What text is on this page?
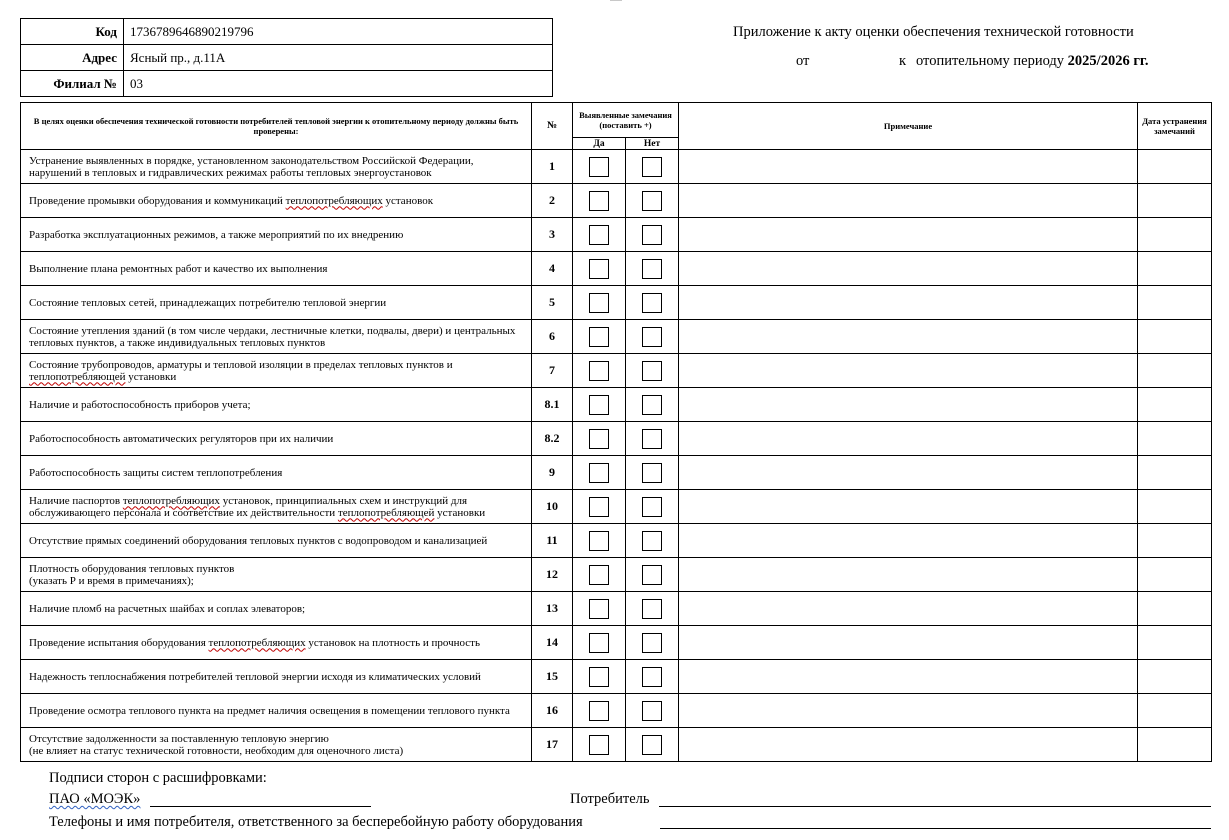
Код	1736789646890219796
Адрес	Ясный пр., д.11А
Филиал №	03
Приложение к акту оценки обеспечения технической готовности
от	к отопительному периоду 2025/2026 гг.
В целях оценки обеспечения технической готовности потребителей тепловой энергии к отопительному периоду должны быть проверены:	№	Выявленные замечания (поставить +)		Примечание	Дата устранения замечаний
		Да	Нет		
Устранение выявленных в порядке, установленном законодательством Российской Федерации, нарушений в тепловых и гидравлических режимах работы тепловых энергоустановок	1				
Проведение промывки оборудования и коммуникаций теплопотребляющих установок	2				
Разработка эксплуатационных режимов, а также мероприятий по их внедрению	3				
Выполнение плана ремонтных работ и качество их выполнения	4				
Состояние тепловых сетей, принадлежащих потребителю тепловой энергии	5				
Состояние утепления зданий (в том числе чердаки, лестничные клетки, подвалы, двери) и центральных тепловых пунктов, а также индивидуальных тепловых пунктов	6				
Состояние трубопроводов, арматуры и тепловой изоляции в пределах тепловых пунктов и теплопотребляющей установки	7				
Наличие и работоспособность приборов учета;	8.1				
Работоспособность автоматических регуляторов при их наличии	8.2				
Работоспособность защиты систем теплопотребления	9				
Наличие паспортов теплопотребляющих установок, принципиальных схем и инструкций для обслуживающего персонала и соответствие их действительности теплопотребляющей установки	10				
Отсутствие прямых соединений оборудования тепловых пунктов с водопроводом и канализацией	11				
Плотность оборудования тепловых пунктов
(указать Р и время в примечаниях);	12				
Наличие пломб на расчетных шайбах и соплах элеваторов;	13				
Проведение испытания оборудования теплопотребляющих установок на плотность и прочность	14				
Надежность теплоснабжения потребителей тепловой энергии исходя из климатических условий	15				
Проведение осмотра теплового пункта на предмет наличия освещения в помещении теплового пункта	16				
Отсутствие задолженности за поставленную тепловую энергию
(не влияет на статус технической готовности, необходим для оценочного листа)	17				
Подписи сторон с расшифровками:
ПАО «МОЭК»	Потребитель
Телефоны и имя потребителя, ответственного за бесперебойную работу оборудования
